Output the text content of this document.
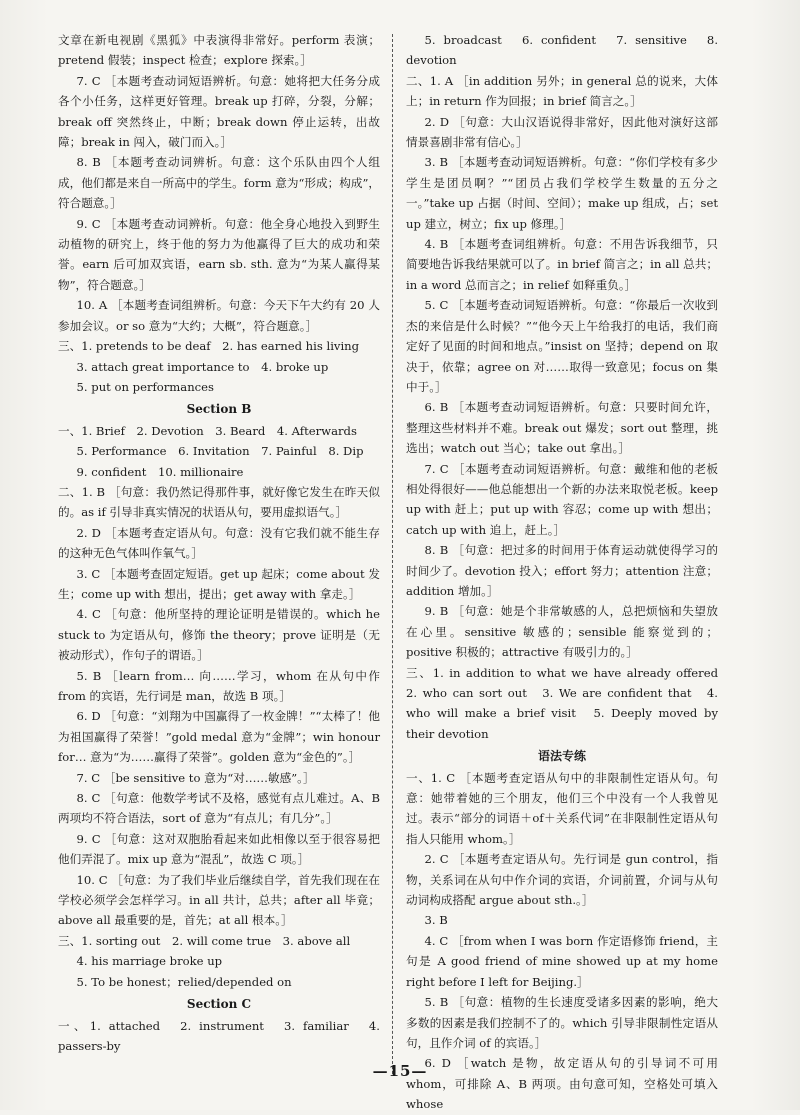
文章在新电视剧《黑狐》中表演得非常好。perform 表演；pretend 假装；inspect 检查；explore 探索。］

7. C ［本题考查动词短语辨析。句意：她将把大任务分成各个小任务，这样更好管理。break up 打碎，分裂，分解；break off 突然终止，中断；break down 停止运转，出故障；break in 闯入，破门而入。］

8. B ［本题考查动词辨析。句意：这个乐队由四个人组成，他们都是来自一所高中的学生。form 意为“形成；构成”，符合题意。］

9. C ［本题考查动词辨析。句意：他全身心地投入到野生动植物的研究上，终于他的努力为他赢得了巨大的成功和荣誉。earn 后可加双宾语，earn sb. sth. 意为“为某人赢得某物”，符合题意。］

10. A ［本题考查词组辨析。句意：今天下午大约有 20 人参加会议。or so 意为“大约；大概”，符合题意。］

三、1. pretends to be deaf　2. has earned his living

3. attach great importance to　4. broke up

5. put on performances

Section B

一、1. Brief　2. Devotion　3. Beard　4. Afterwards

5. Performance　6. Invitation　7. Painful　8. Dip

9. confident　10. millionaire

二、1. B ［句意：我仍然记得那件事，就好像它发生在昨天似的。as if 引导非真实情况的状语从句，要用虚拟语气。］

2. D ［本题考查定语从句。句意：没有它我们就不能生存的这种无色气体叫作氧气。］

3. C ［本题考查固定短语。get up 起床；come about 发生；come up with 想出，提出；get away with 拿走。］

4. C ［句意：他所坚持的理论证明是错误的。which he stuck to 为定语从句，修饰 the theory；prove 证明是（无被动形式），作句子的谓语。］

5. B ［learn from… 向……学习，whom 在从句中作 from 的宾语，先行词是 man，故选 B 项。］

6. D ［句意：“刘翔为中国赢得了一枚金牌！”“太棒了！他为祖国赢得了荣誉！”gold medal 意为“金牌”；win honour for… 意为“为……赢得了荣誉”。golden 意为“金色的”。］

7. C ［be sensitive to 意为“对……敏感”。］

8. C ［句意：他数学考试不及格，感觉有点儿难过。A、B 两项均不符合语法，sort of 意为“有点儿；有几分”。］

9. C ［句意：这对双胞胎看起来如此相像以至于很容易把他们弄混了。mix up 意为“混乱”，故选 C 项。］

10. C ［句意：为了我们毕业后继续自学，首先我们现在在学校必须学会怎样学习。in all 共计，总共；after all 毕竟；above all 最重要的是，首先；at all 根本。］

三、1. sorting out　2. will come true　3. above all

4. his marriage broke up

5. To be honest；relied/depended on

Section C

一、1. attached　2. instrument　3. familiar　4. passers-by

5. broadcast　6. confident　7. sensitive　8. devotion

二、1. A ［in addition 另外；in general 总的说来，大体上；in return 作为回报；in brief 简言之。］

2. D ［句意：大山汉语说得非常好，因此他对演好这部情景喜剧非常有信心。］

3. B ［本题考查动词短语辨析。句意：“你们学校有多少学生是团员啊？”“团员占我们学校学生数量的五分之一。”take up 占据（时间、空间）；make up 组成，占；set up 建立，树立；fix up 修理。］

4. B ［本题考查词组辨析。句意：不用告诉我细节，只简要地告诉我结果就可以了。in brief 简言之；in all 总共；in a word 总而言之；in relief 如释重负。］

5. C ［本题考查动词短语辨析。句意：“你最后一次收到杰的来信是什么时候？”“他今天上午给我打的电话，我们商定好了见面的时间和地点。”insist on 坚持；depend on 取决于，依靠；agree on 对……取得一致意见；focus on 集中于。］

6. B ［本题考查动词短语辨析。句意：只要时间允许，整理这些材料并不难。break out 爆发；sort out 整理，挑选出；watch out 当心；take out 拿出。］

7. C ［本题考查动词短语辨析。句意：戴维和他的老板相处得很好——他总能想出一个新的办法来取悦老板。keep up with 赶上；put up with 容忍；come up with 想出；catch up with 追上，赶上。］

8. B ［句意：把过多的时间用于体育运动就使得学习的时间少了。devotion 投入；effort 努力；attention 注意；addition 增加。］

9. B ［句意：她是个非常敏感的人，总把烦恼和失望放在心里。sensitive 敏感的；sensible 能察觉到的；positive 积极的；attractive 有吸引力的。］

三、1. in addition to what we have already offered　2. who can sort out　3. We are confident that　4. who will make a brief visit　5. Deeply moved by their devotion

语法专练

一、1. C ［本题考查定语从句中的非限制性定语从句。句意：她带着她的三个朋友，他们三个中没有一个人我曾见过。表示“部分的词语＋of＋关系代词”在非限制性定语从句指人只能用 whom。］

2. C ［本题考查定语从句。先行词是 gun control，指物，关系词在从句中作介词的宾语，介词前置，介词与从句动词构成搭配 argue about sth.。］

3. B

4. C ［from when I was born 作定语修饰 friend，主句是 A good friend of mine showed up at my home right before I left for Beijing.］

5. B ［句意：植物的生长速度受诸多因素的影响，绝大多数的因素是我们控制不了的。which 引导非限制性定语从句，且作介词 of 的宾语。］

6. D ［watch 是物，故定语从句的引导词不可用 whom，可排除 A、B 两项。由句意可知，空格处可填入 whose

—15—
